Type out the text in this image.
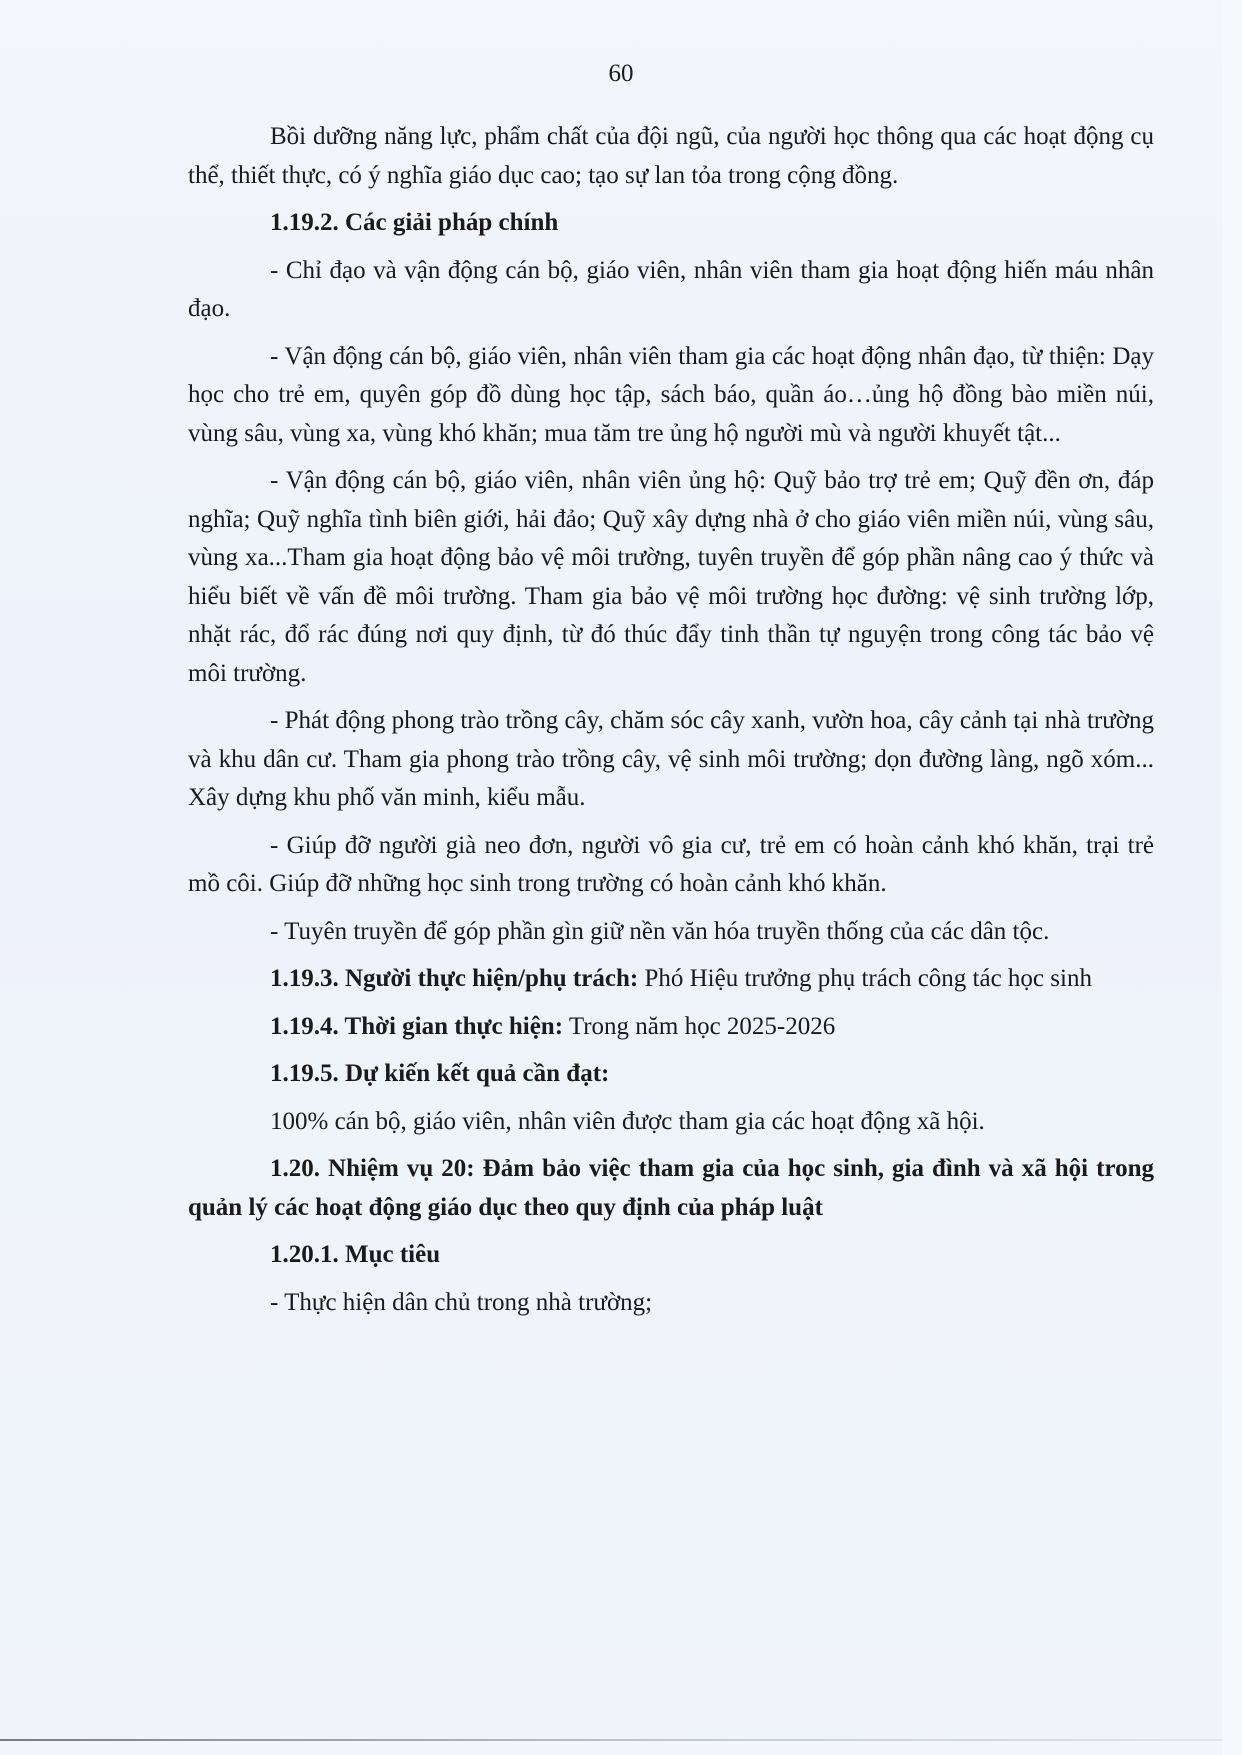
60

Bồi dưỡng năng lực, phẩm chất của đội ngũ, của người học thông qua các hoạt động cụ thể, thiết thực, có ý nghĩa giáo dục cao; tạo sự lan tỏa trong cộng đồng.

1.19.2. Các giải pháp chính

- Chỉ đạo và vận động cán bộ, giáo viên, nhân viên tham gia hoạt động hiến máu nhân đạo.

- Vận động cán bộ, giáo viên, nhân viên tham gia các hoạt động nhân đạo, từ thiện: Dạy học cho trẻ em, quyên góp đồ dùng học tập, sách báo, quần áo…ủng hộ đồng bào miền núi, vùng sâu, vùng xa, vùng khó khăn; mua tăm tre ủng hộ người mù và người khuyết tật...

- Vận động cán bộ, giáo viên, nhân viên ủng hộ: Quỹ bảo trợ trẻ em; Quỹ đền ơn, đáp nghĩa; Quỹ nghĩa tình biên giới, hải đảo; Quỹ xây dựng nhà ở cho giáo viên miền núi, vùng sâu, vùng xa...Tham gia hoạt động bảo vệ môi trường, tuyên truyền để góp phần nâng cao ý thức và hiểu biết về vấn đề môi trường. Tham gia bảo vệ môi trường học đường: vệ sinh trường lớp, nhặt rác, đổ rác đúng nơi quy định, từ đó thúc đẩy tinh thần tự nguyện trong công tác bảo vệ môi trường.

- Phát động phong trào trồng cây, chăm sóc cây xanh, vườn hoa, cây cảnh tại nhà trường và khu dân cư. Tham gia phong trào trồng cây, vệ sinh môi trường; dọn đường làng, ngõ xóm... Xây dựng khu phố văn minh, kiểu mẫu.

- Giúp đỡ người già neo đơn, người vô gia cư, trẻ em có hoàn cảnh khó khăn, trại trẻ mồ côi. Giúp đỡ những học sinh trong trường có hoàn cảnh khó khăn.

- Tuyên truyền để góp phần gìn giữ nền văn hóa truyền thống của các dân tộc.

1.19.3. Người thực hiện/phụ trách: Phó Hiệu trưởng phụ trách công tác học sinh

1.19.4. Thời gian thực hiện: Trong năm học 2025-2026

1.19.5. Dự kiến kết quả cần đạt:

100% cán bộ, giáo viên, nhân viên được tham gia các hoạt động xã hội.

1.20. Nhiệm vụ 20: Đảm bảo việc tham gia của học sinh, gia đình và xã hội trong quản lý các hoạt động giáo dục theo quy định của pháp luật

1.20.1. Mục tiêu

- Thực hiện dân chủ trong nhà trường;
